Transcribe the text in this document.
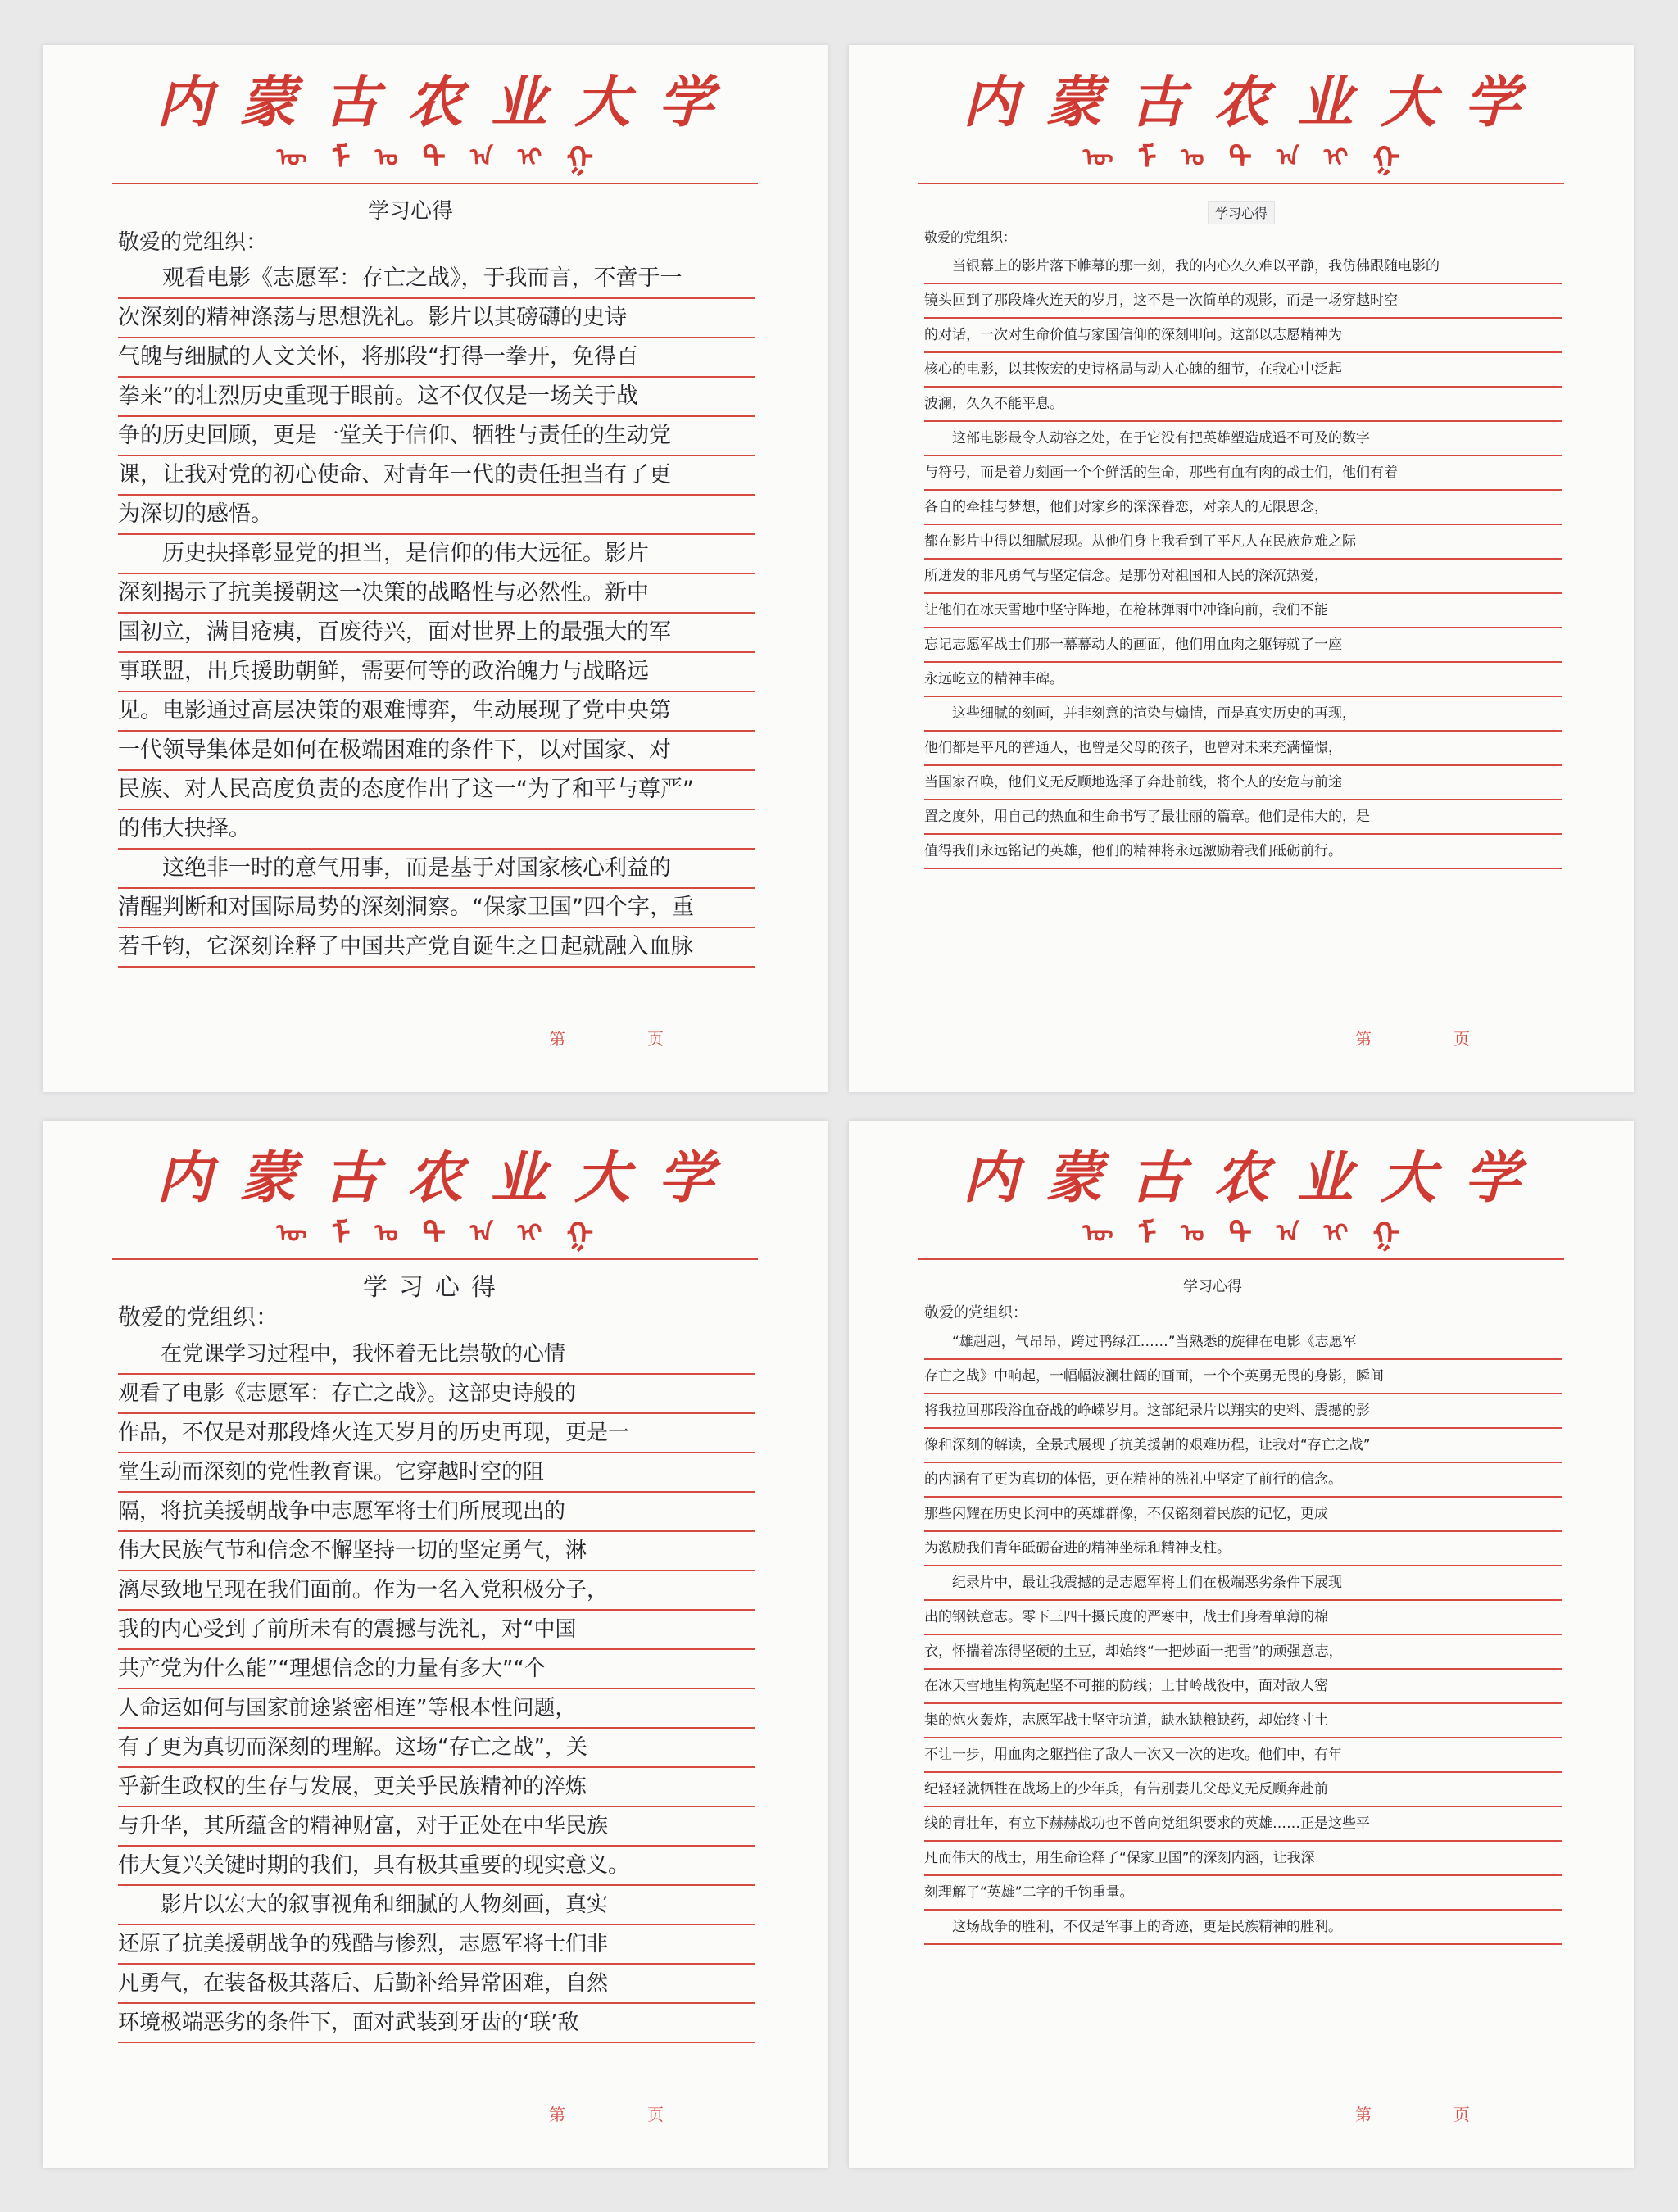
内蒙古农业大学
ᠥ ᠮ ᠣ ᠲ ᠠ ᠢ ᠭ
学习心得
敬爱的党组织：
　　观看电影《志愿军：存亡之战》，于我而言，不啻于一
次深刻的精神涤荡与思想洗礼。影片以其磅礴的史诗
气魄与细腻的人文关怀，将那段“打得一拳开，免得百
拳来”的壮烈历史重现于眼前。这不仅仅是一场关于战
争的历史回顾，更是一堂关于信仰、牺牲与责任的生动党
课，让我对党的初心使命、对青年一代的责任担当有了更
为深切的感悟。
　　历史抉择彰显党的担当，是信仰的伟大远征。影片
深刻揭示了抗美援朝这一决策的战略性与必然性。新中
国初立，满目疮痍，百废待兴，面对世界上的最强大的军
事联盟，出兵援助朝鲜，需要何等的政治魄力与战略远
见。电影通过高层决策的艰难博弈，生动展现了党中央第
一代领导集体是如何在极端困难的条件下，以对国家、对
民族、对人民高度负责的态度作出了这一“为了和平与尊严”
的伟大抉择。
　　这绝非一时的意气用事，而是基于对国家核心利益的
清醒判断和对国际局势的深刻洞察。“保家卫国”四个字，重
若千钧，它深刻诠释了中国共产党自诞生之日起就融入血脉
第　页
内蒙古农业大学
ᠥ ᠮ ᠣ ᠲ ᠠ ᠢ ᠭ
学习心得
敬爱的党组织：
　　当银幕上的影片落下帷幕的那一刻，我的内心久久难以平静，我仿佛跟随电影的
镜头回到了那段烽火连天的岁月，这不是一次简单的观影，而是一场穿越时空
的对话，一次对生命价值与家国信仰的深刻叩问。这部以志愿精神为
核心的电影，以其恢宏的史诗格局与动人心魄的细节，在我心中泛起
波澜，久久不能平息。
　　这部电影最令人动容之处，在于它没有把英雄塑造成遥不可及的数字
与符号，而是着力刻画一个个鲜活的生命，那些有血有肉的战士们，他们有着
各自的牵挂与梦想，他们对家乡的深深眷恋，对亲人的无限思念，
都在影片中得以细腻展现。从他们身上我看到了平凡人在民族危难之际
所迸发的非凡勇气与坚定信念。是那份对祖国和人民的深沉热爱，
让他们在冰天雪地中坚守阵地，在枪林弹雨中冲锋向前，我们不能
忘记志愿军战士们那一幕幕动人的画面，他们用血肉之躯铸就了一座
永远屹立的精神丰碑。
　　这些细腻的刻画，并非刻意的渲染与煽情，而是真实历史的再现，
他们都是平凡的普通人，也曾是父母的孩子，也曾对未来充满憧憬，
当国家召唤，他们义无反顾地选择了奔赴前线，将个人的安危与前途
置之度外，用自己的热血和生命书写了最壮丽的篇章。他们是伟大的，是
值得我们永远铭记的英雄，他们的精神将永远激励着我们砥砺前行。
第　页
内蒙古农业大学
ᠥ ᠮ ᠣ ᠲ ᠠ ᠢ ᠭ
学习心得
敬爱的党组织：
　　在党课学习过程中，我怀着无比崇敬的心情
观看了电影《志愿军：存亡之战》。这部史诗般的
作品，不仅是对那段烽火连天岁月的历史再现，更是一
堂生动而深刻的党性教育课。它穿越时空的阻
隔，将抗美援朝战争中志愿军将士们所展现出的
伟大民族气节和信念不懈坚持一切的坚定勇气，淋
漓尽致地呈现在我们面前。作为一名入党积极分子，
我的内心受到了前所未有的震撼与洗礼，对“中国
共产党为什么能”“理想信念的力量有多大”“个
人命运如何与国家前途紧密相连”等根本性问题，
有了更为真切而深刻的理解。这场“存亡之战”，关
乎新生政权的生存与发展，更关乎民族精神的淬炼
与升华，其所蕴含的精神财富，对于正处在中华民族
伟大复兴关键时期的我们，具有极其重要的现实意义。
　　影片以宏大的叙事视角和细腻的人物刻画，真实
还原了抗美援朝战争的残酷与惨烈，志愿军将士们非
凡勇气，在装备极其落后、后勤补给异常困难，自然
环境极端恶劣的条件下，面对武装到牙齿的‘联’敌
第　页
内蒙古农业大学
ᠥ ᠮ ᠣ ᠲ ᠠ ᠢ ᠭ
学习心得
敬爱的党组织：
　　“雄赳赳，气昂昂，跨过鸭绿江……”当熟悉的旋律在电影《志愿军
存亡之战》中响起，一幅幅波澜壮阔的画面，一个个英勇无畏的身影，瞬间
将我拉回那段浴血奋战的峥嵘岁月。这部纪录片以翔实的史料、震撼的影
像和深刻的解读，全景式展现了抗美援朝的艰难历程，让我对“存亡之战”
的内涵有了更为真切的体悟，更在精神的洗礼中坚定了前行的信念。
那些闪耀在历史长河中的英雄群像，不仅铭刻着民族的记忆，更成
为激励我们青年砥砺奋进的精神坐标和精神支柱。
　　纪录片中，最让我震撼的是志愿军将士们在极端恶劣条件下展现
出的钢铁意志。零下三四十摄氏度的严寒中，战士们身着单薄的棉
衣，怀揣着冻得坚硬的土豆，却始终“一把炒面一把雪”的顽强意志，
在冰天雪地里构筑起坚不可摧的防线；上甘岭战役中，面对敌人密
集的炮火轰炸，志愿军战士坚守坑道，缺水缺粮缺药，却始终寸土
不让一步，用血肉之躯挡住了敌人一次又一次的进攻。他们中，有年
纪轻轻就牺牲在战场上的少年兵，有告别妻儿父母义无反顾奔赴前
线的青壮年，有立下赫赫战功也不曾向党组织要求的英雄……正是这些平
凡而伟大的战士，用生命诠释了“保家卫国”的深刻内涵，让我深
刻理解了“英雄”二字的千钧重量。
　　这场战争的胜利，不仅是军事上的奇迹，更是民族精神的胜利。
第　页
